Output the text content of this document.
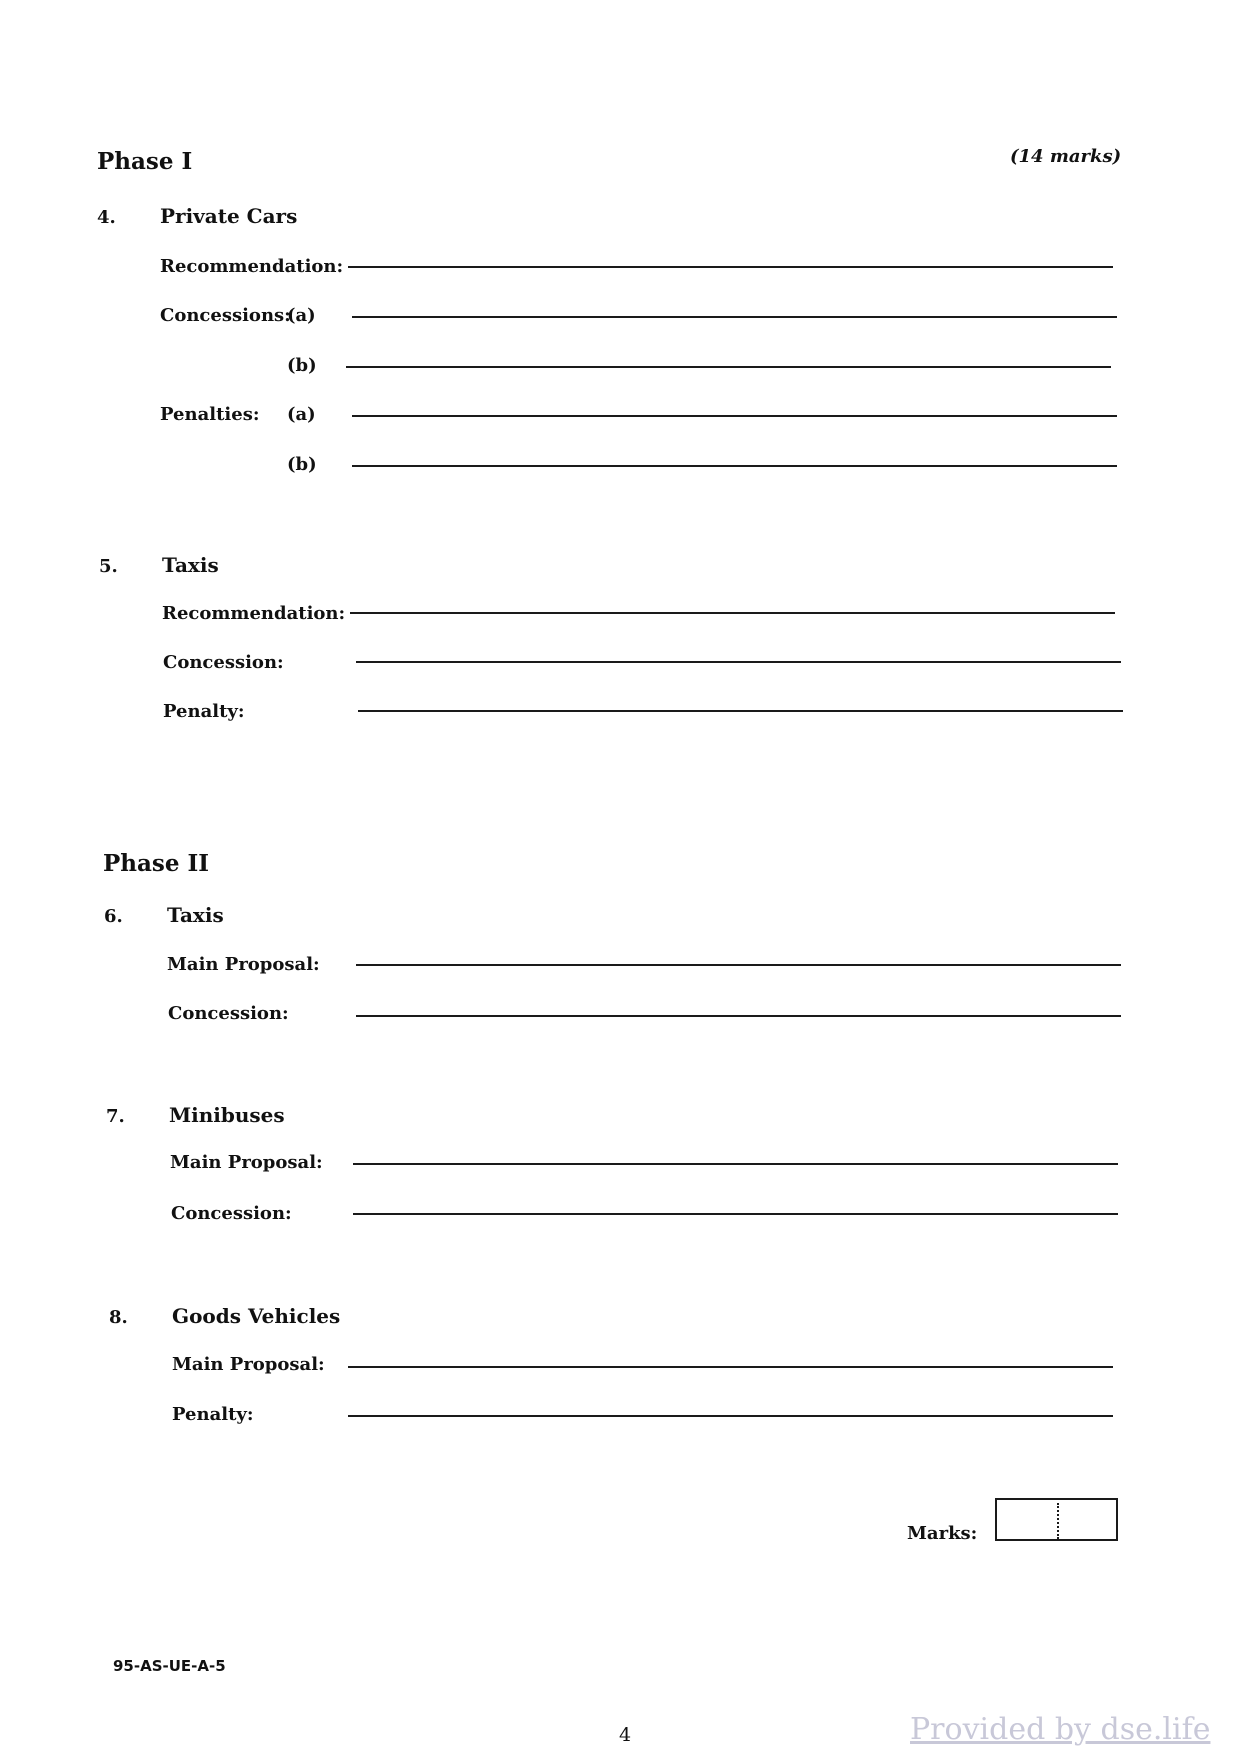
Phase I	(14 marks)
4. Private Cars
Recommendation:
Concessions:
(a)
(b)
Penalties: (a)
(b)
5. Taxis
Recommendation:
Concession:
Penalty:
Phase II
6. Taxis
Main Proposal:
Concession:
7. Minibuses
Main Proposal:
Concession:
8. Goods Vehicles
Main Proposal:
Penalty:
Marks:
95-AS-UE-A-5
4	Provided by dse.life
